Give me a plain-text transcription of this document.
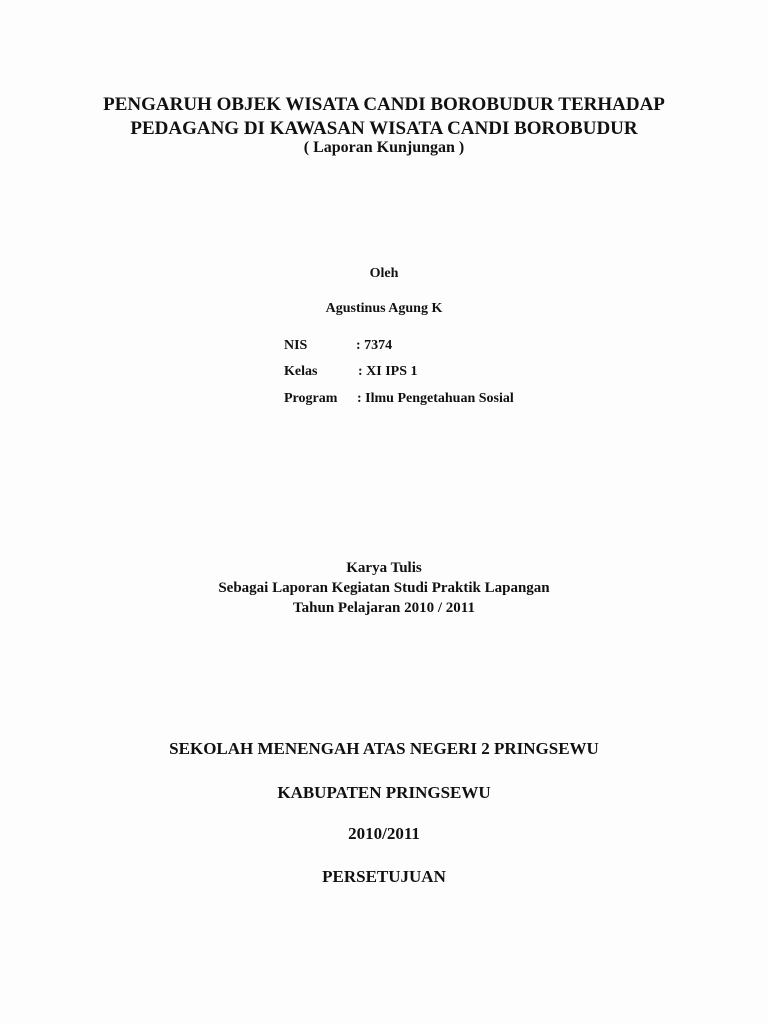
PENGARUH OBJEK WISATA CANDI BOROBUDUR TERHADAP
PEDAGANG DI KAWASAN WISATA CANDI BOROBUDUR
( Laporan Kunjungan )
Oleh
Agustinus Agung K
NIS	: 7374
Kelas	: XI IPS 1
Program : Ilmu Pengetahuan Sosial
Karya Tulis
Sebagai Laporan Kegiatan Studi Praktik Lapangan
Tahun Pelajaran 2010 / 2011
SEKOLAH MENENGAH ATAS NEGERI 2 PRINGSEWU
KABUPATEN PRINGSEWU
2010/2011
PERSETUJUAN
